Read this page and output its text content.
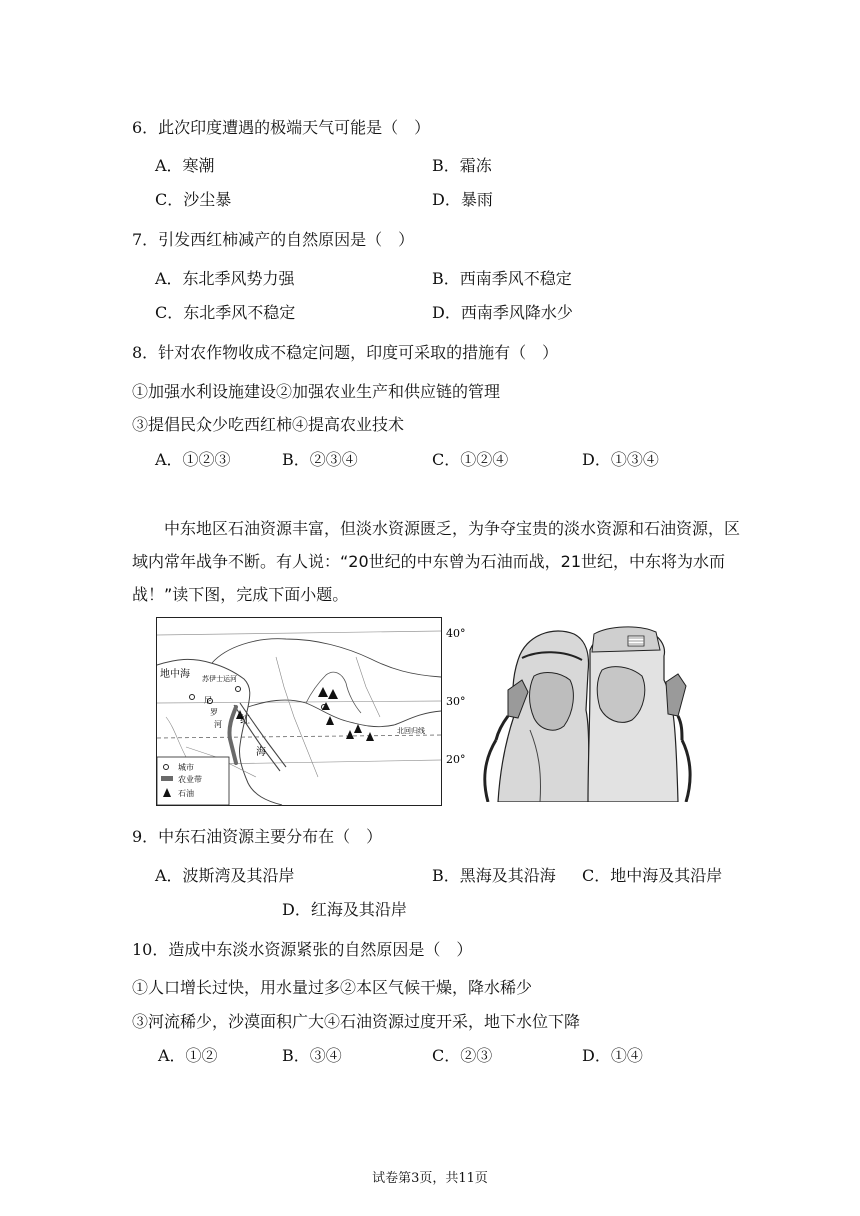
6．此次印度遭遇的极端天气可能是（　）
A．寒潮	B．霜冻
C．沙尘暴	D．暴雨
7．引发西红柿减产的自然原因是（　）
A．东北季风势力强	B．西南季风不稳定
C．东北季风不稳定	D．西南季风降水少
8．针对农作物收成不稳定问题，印度可采取的措施有（　）
①加强水利设施建设②加强农业生产和供应链的管理
③提倡民众少吃西红柿④提高农业技术
A．①②③	B．②③④	C．①②④	D．①③④

中东地区石油资源丰富，但淡水资源匮乏，为争夺宝贵的淡水资源和石油资源，区域内常年战争不断。有人说：“20世纪的中东曾为石油而战，21世纪，中东将为水而战！”读下图，完成下面小题。

城市
农业带
石油
地中海 苏伊士运河
尼
罗
河 红
海
北回归线
40°
30°
20°
9．中东石油资源主要分布在（　）
A．波斯湾及其沿岸	B．黑海及其沿海 C．地中海及其沿岸
D．红海及其沿岸
10．造成中东淡水资源紧张的自然原因是（　）
①人口增长过快，用水量过多②本区气候干燥，降水稀少
③河流稀少，沙漠面积广大④石油资源过度开采，地下水位下降
A．①②	B．③④	C．②③	D．①④
试卷第3页，共11页
